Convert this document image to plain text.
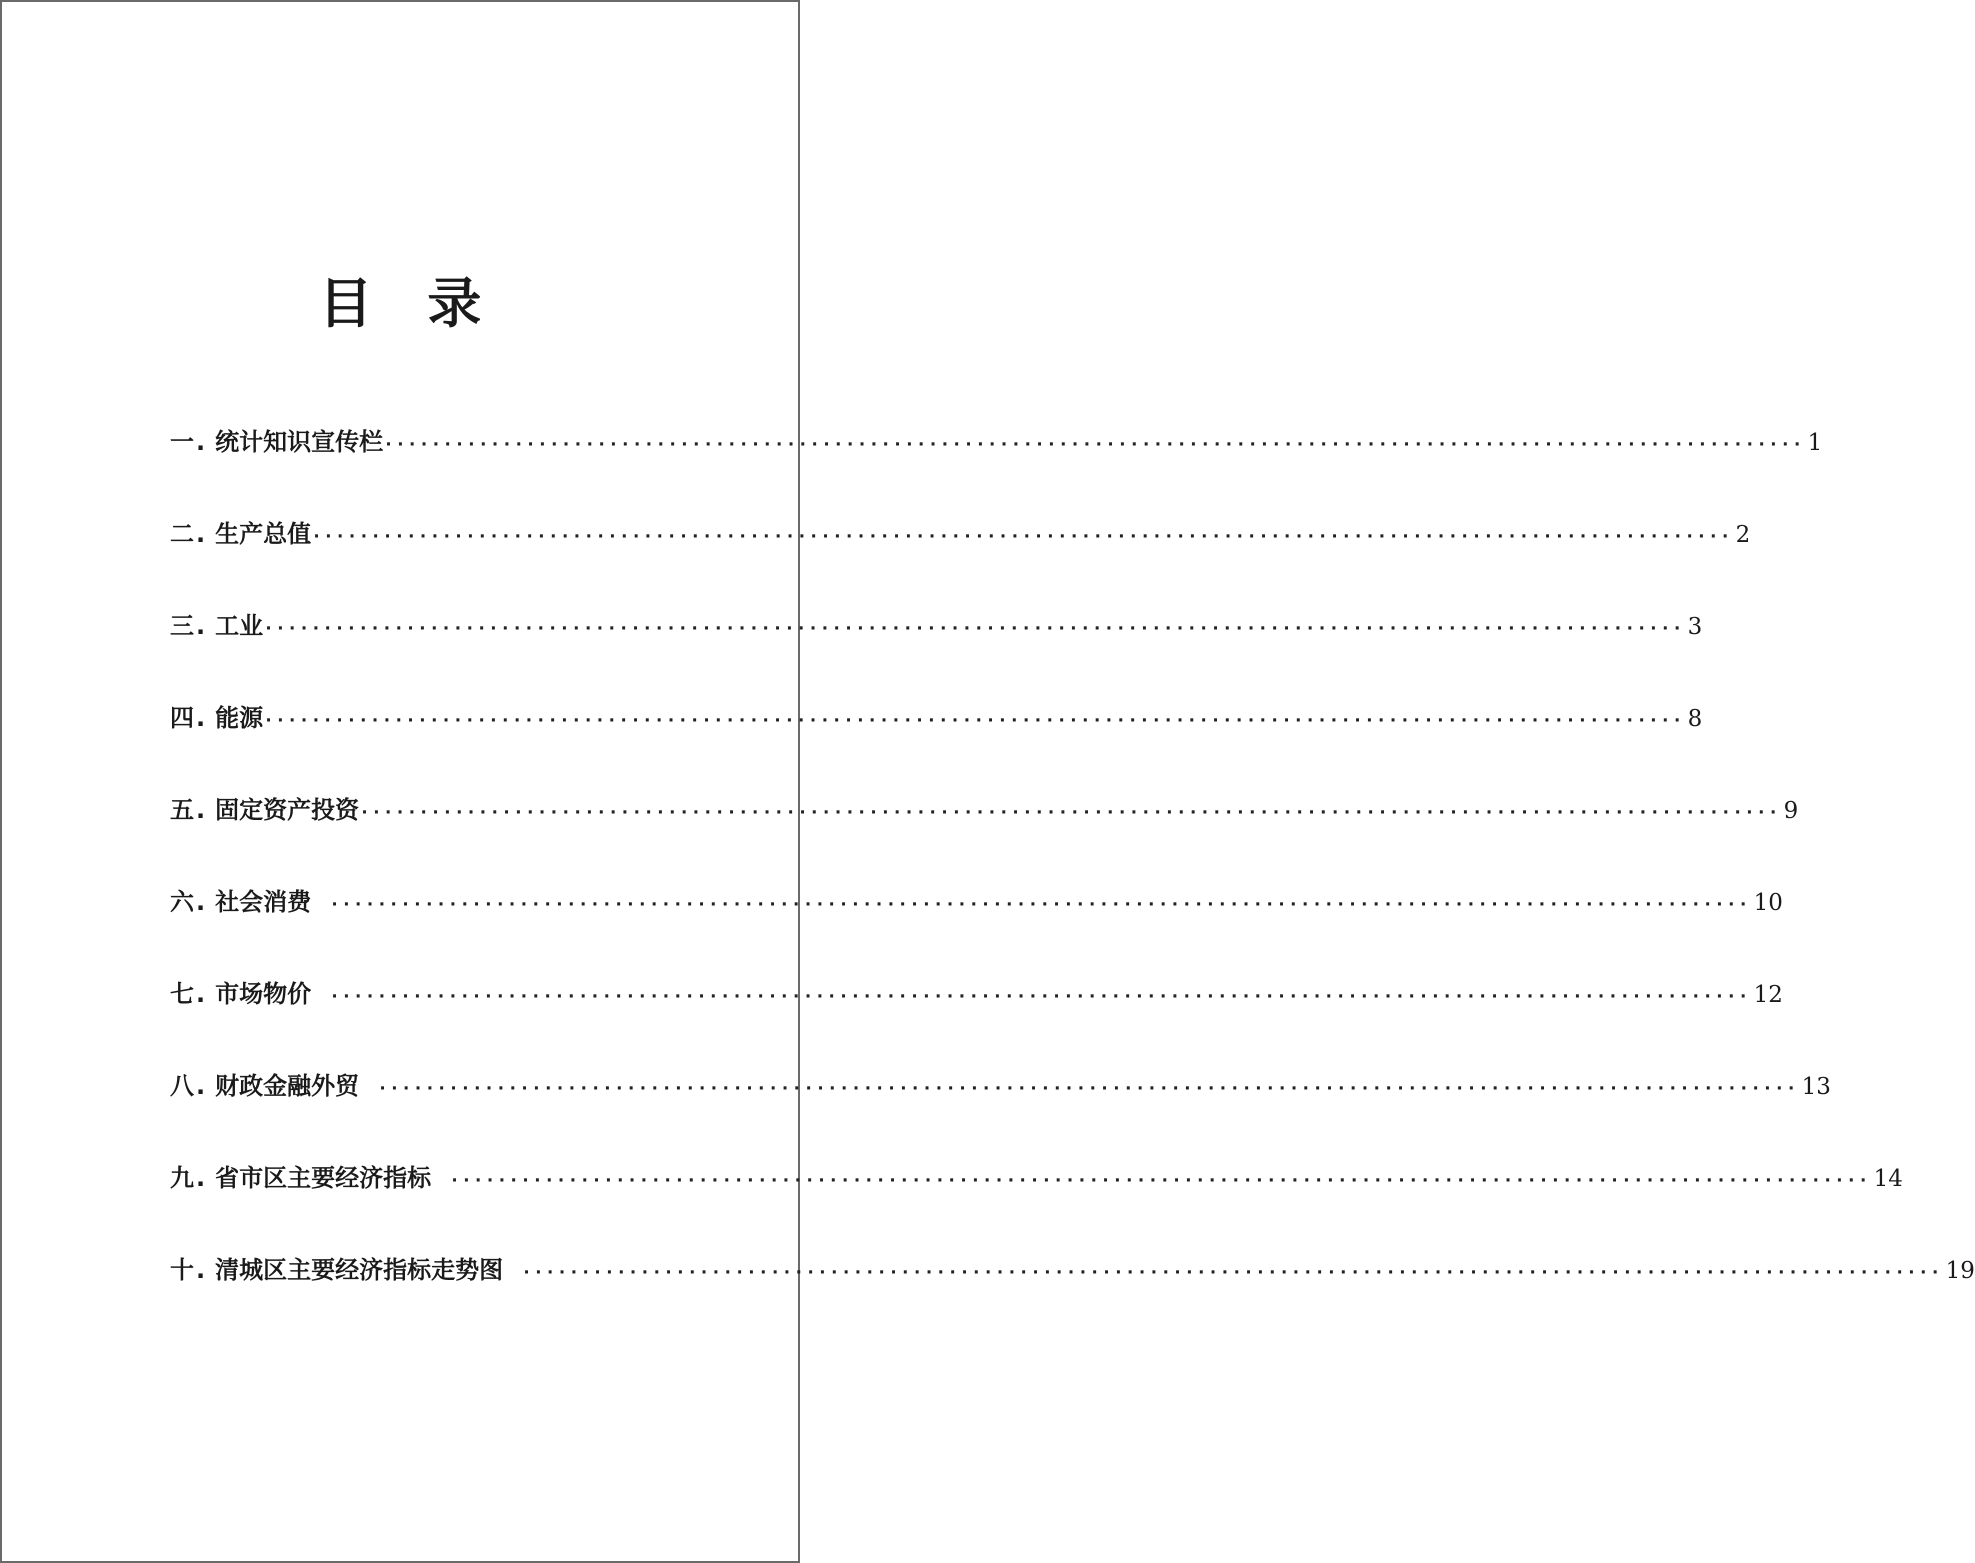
目 录
一 . 统计知识宣传栏 ························································································································ 1
二 . 生产总值 ························································································································ 2
三 . 工业 ························································································································ 3
四 . 能源 ························································································································ 8
五 . 固定资产投资 ························································································································ 9
六 . 社会消费 ························································································································ 10
七 . 市场物价 ························································································································ 12
八 . 财政金融外贸 ························································································································ 13
九 . 省市区主要经济指标 ························································································································ 14
十 . 清城区主要经济指标走势图 ························································································································ 19
